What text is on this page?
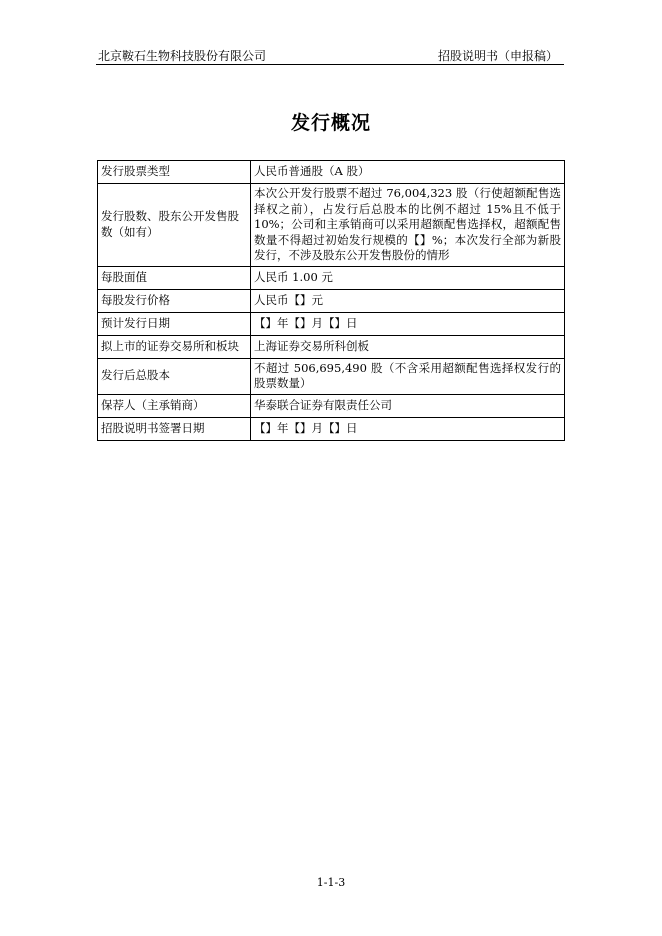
北京鞍石生物科技股份有限公司	招股说明书（申报稿）
发行概况
发行股票类型	人民币普通股（A 股）
发行股数、股东公开发售股数（如有）	本次公开发行股票不超过 76,004,323 股（行使超额配售选择权之前），占发行后总股本的比例不超过 15%且不低于 10%；公司和主承销商可以采用超额配售选择权，超额配售数量不得超过初始发行规模的【】%；本次发行全部为新股发行，不涉及股东公开发售股份的情形
每股面值	人民币 1.00 元
每股发行价格	人民币【】元
预计发行日期	【】年【】月【】日
拟上市的证券交易所和板块	上海证券交易所科创板
发行后总股本	不超过 506,695,490 股（不含采用超额配售选择权发行的股票数量）
保荐人（主承销商）	华泰联合证券有限责任公司
招股说明书签署日期	【】年【】月【】日
1-1-3
